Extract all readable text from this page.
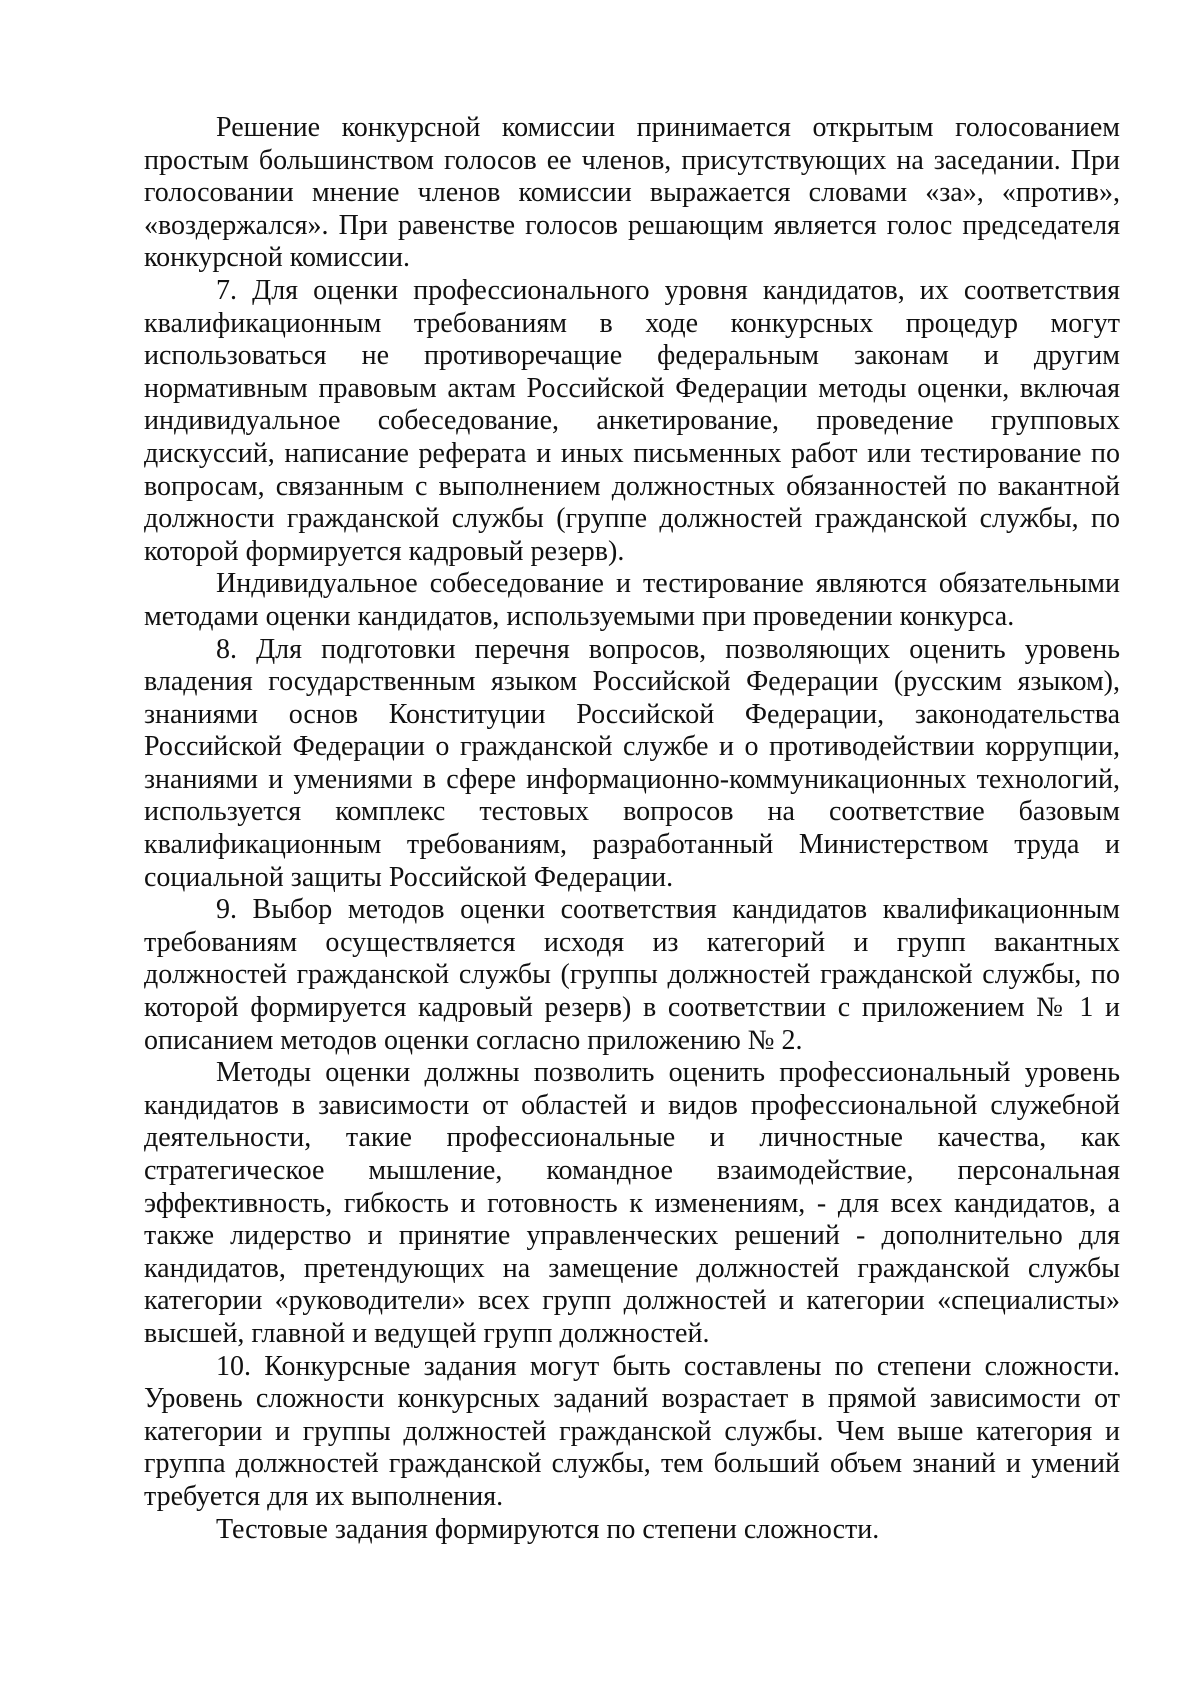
Решение конкурсной комиссии принимается открытым голосованием простым большинством голосов ее членов, присутствующих на заседании. При голосовании мнение членов комиссии выражается словами «за», «против», «воздержался». При равенстве голосов решающим является голос председателя конкурсной комиссии.

7. Для оценки профессионального уровня кандидатов, их соответствия квалификационным требованиям в ходе конкурсных процедур могут использоваться не противоречащие федеральным законам и другим нормативным правовым актам Российской Федерации методы оценки, включая индивидуальное собеседование, анкетирование, проведение групповых дискуссий, написание реферата и иных письменных работ или тестирование по вопросам, связанным с выполнением должностных обязанностей по вакантной должности гражданской службы (группе должностей гражданской службы, по которой формируется кадровый резерв).

Индивидуальное собеседование и тестирование являются обязательными методами оценки кандидатов, используемыми при проведении конкурса.

8. Для подготовки перечня вопросов, позволяющих оценить уровень владения государственным языком Российской Федерации (русским языком), знаниями основ Конституции Российской Федерации, законодательства Российской Федерации о гражданской службе и о противодействии коррупции, знаниями и умениями в сфере информационно-коммуникационных технологий, используется комплекс тестовых вопросов на соответствие базовым квалификационным требованиям, разработанный Министерством труда и социальной защиты Российской Федерации.

9. Выбор методов оценки соответствия кандидатов квалификационным требованиям осуществляется исходя из категорий и групп вакантных должностей гражданской службы (группы должностей гражданской службы, по которой формируется кадровый резерв) в соответствии с приложением № 1 и описанием методов оценки согласно приложению № 2.

Методы оценки должны позволить оценить профессиональный уровень кандидатов в зависимости от областей и видов профессиональной служебной деятельности, такие профессиональные и личностные качества, как стратегическое мышление, командное взаимодействие, персональная эффективность, гибкость и готовность к изменениям, - для всех кандидатов, а также лидерство и принятие управленческих решений - дополнительно для кандидатов, претендующих на замещение должностей гражданской службы категории «руководители» всех групп должностей и категории «специалисты» высшей, главной и ведущей групп должностей.

10. Конкурсные задания могут быть составлены по степени сложности. Уровень сложности конкурсных заданий возрастает в прямой зависимости от категории и группы должностей гражданской службы. Чем выше категория и группа должностей гражданской службы, тем больший объем знаний и умений требуется для их выполнения.

Тестовые задания формируются по степени сложности.
